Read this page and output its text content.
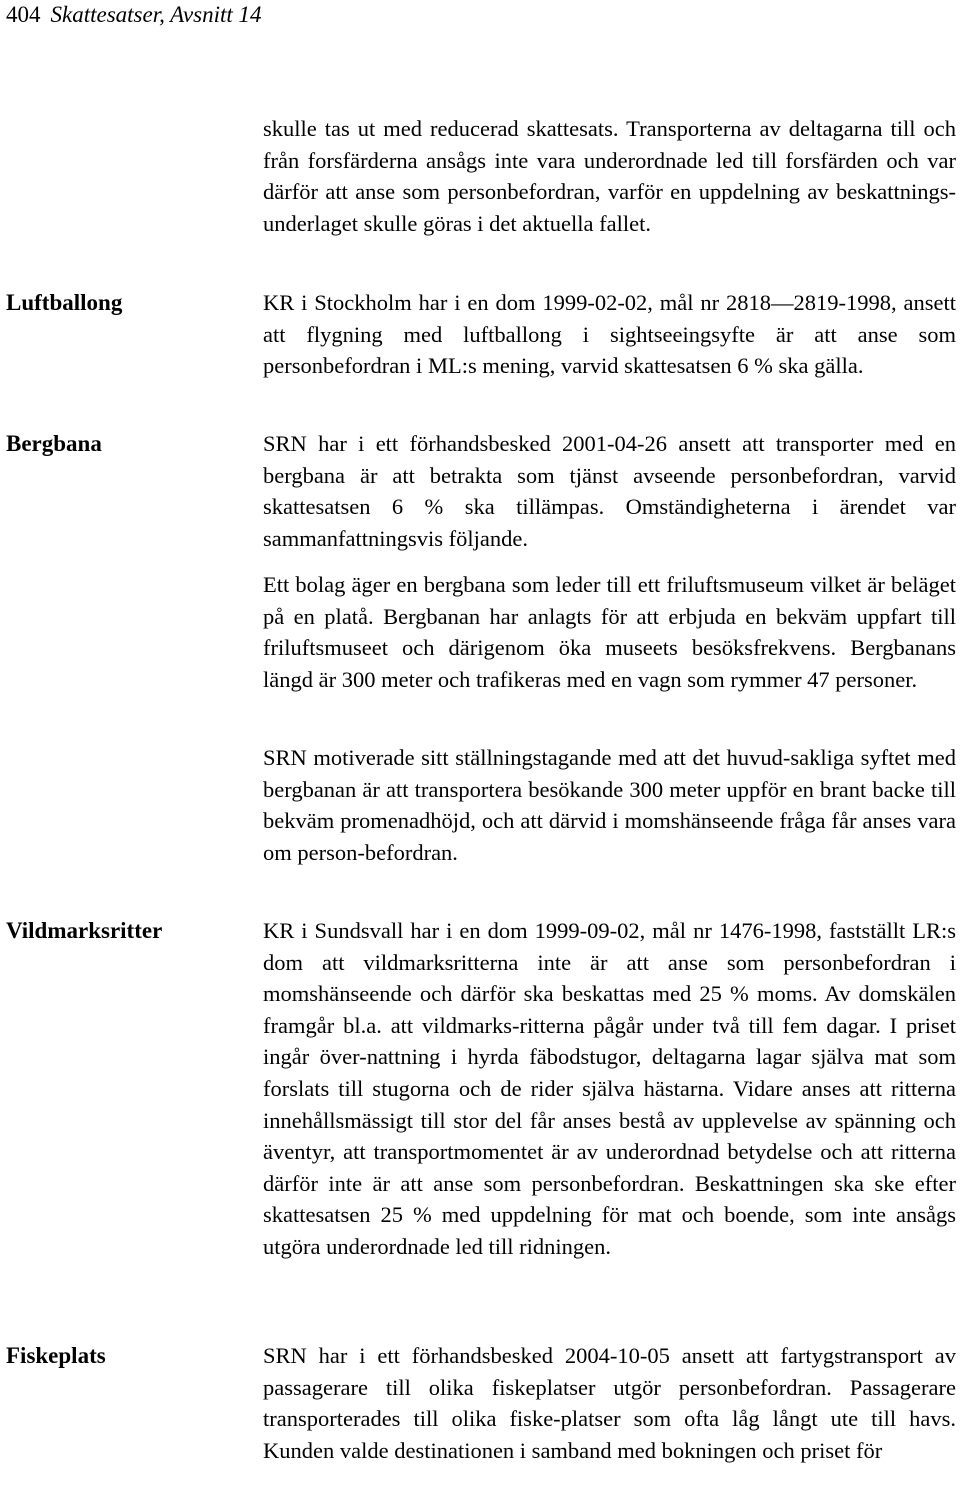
404 Skattesatser, Avsnitt 14

skulle tas ut med reducerad skattesats. Transporterna av deltagarna till och från forsfärderna ansågs inte vara underordnade led till forsfärden och var därför att anse som personbefordran, varför en uppdelning av beskattnings-underlaget skulle göras i det aktuella fallet.

Luftballong	KR i Stockholm har i en dom 1999-02-02, mål nr 2818—2819-1998, ansett att flygning med luftballong i sightseeingsyfte är att anse som personbefordran i ML:s mening, varvid skattesatsen 6 % ska gälla.

Bergbana	SRN har i ett förhandsbesked 2001-04-26 ansett att transporter med en bergbana är att betrakta som tjänst avseende personbefordran, varvid skattesatsen 6 % ska tillämpas. Omständigheterna i ärendet var sammanfattningsvis följande.

Ett bolag äger en bergbana som leder till ett friluftsmuseum vilket är beläget på en platå. Bergbanan har anlagts för att erbjuda en bekväm uppfart till friluftsmuseet och därigenom öka museets besöksfrekvens. Bergbanans längd är 300 meter och trafikeras med en vagn som rymmer 47 personer.

SRN motiverade sitt ställningstagande med att det huvud-sakliga syftet med bergbanan är att transportera besökande 300 meter uppför en brant backe till bekväm promenadhöjd, och att därvid i momshänseende fråga får anses vara om person-befordran.

Vildmarksritter	KR i Sundsvall har i en dom 1999-09-02, mål nr 1476-1998, fastställt LR:s dom att vildmarksritterna inte är att anse som personbefordran i momshänseende och därför ska beskattas med 25 % moms. Av domskälen framgår bl.a. att vildmarks-ritterna pågår under två till fem dagar. I priset ingår över-nattning i hyrda fäbodstugor, deltagarna lagar själva mat som forslats till stugorna och de rider själva hästarna. Vidare anses att ritterna innehållsmässigt till stor del får anses bestå av upplevelse av spänning och äventyr, att transportmomentet är av underordnad betydelse och att ritterna därför inte är att anse som personbefordran. Beskattningen ska ske efter skattesatsen 25 % med uppdelning för mat och boende, som inte ansågs utgöra underordnade led till ridningen.

Fiskeplats	SRN har i ett förhandsbesked 2004-10-05 ansett att fartygstransport av passagerare till olika fiskeplatser utgör personbefordran. Passagerare transporterades till olika fiske-platser som ofta låg långt ute till havs. Kunden valde destinationen i samband med bokningen och priset för
